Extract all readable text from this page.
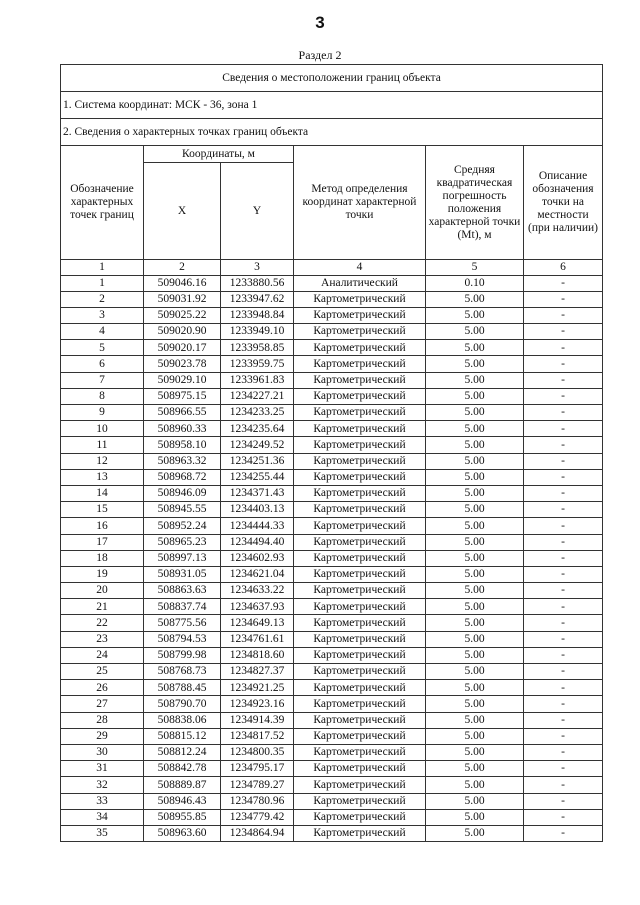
3
Раздел 2
Сведения о местоположении границ объекта					
1. Система координат: МСК - 36, зона 1					
2. Сведения о характерных точках границ объекта					
Обозначение характерных точек границ	Координаты, м		Метод определения координат характерной точки	Средняя квадратическая погрешность положения характерной точки (Mt), м	Описание обозначения точки на местности (при наличии)
	X	Y			
1	2	3	4	5	6
1	509046.16	1233880.56	Аналитический	0.10	-
2	509031.92	1233947.62	Картометрический	5.00	-
3	509025.22	1233948.84	Картометрический	5.00	-
4	509020.90	1233949.10	Картометрический	5.00	-
5	509020.17	1233958.85	Картометрический	5.00	-
6	509023.78	1233959.75	Картометрический	5.00	-
7	509029.10	1233961.83	Картометрический	5.00	-
8	508975.15	1234227.21	Картометрический	5.00	-
9	508966.55	1234233.25	Картометрический	5.00	-
10	508960.33	1234235.64	Картометрический	5.00	-
11	508958.10	1234249.52	Картометрический	5.00	-
12	508963.32	1234251.36	Картометрический	5.00	-
13	508968.72	1234255.44	Картометрический	5.00	-
14	508946.09	1234371.43	Картометрический	5.00	-
15	508945.55	1234403.13	Картометрический	5.00	-
16	508952.24	1234444.33	Картометрический	5.00	-
17	508965.23	1234494.40	Картометрический	5.00	-
18	508997.13	1234602.93	Картометрический	5.00	-
19	508931.05	1234621.04	Картометрический	5.00	-
20	508863.63	1234633.22	Картометрический	5.00	-
21	508837.74	1234637.93	Картометрический	5.00	-
22	508775.56	1234649.13	Картометрический	5.00	-
23	508794.53	1234761.61	Картометрический	5.00	-
24	508799.98	1234818.60	Картометрический	5.00	-
25	508768.73	1234827.37	Картометрический	5.00	-
26	508788.45	1234921.25	Картометрический	5.00	-
27	508790.70	1234923.16	Картометрический	5.00	-
28	508838.06	1234914.39	Картометрический	5.00	-
29	508815.12	1234817.52	Картометрический	5.00	-
30	508812.24	1234800.35	Картометрический	5.00	-
31	508842.78	1234795.17	Картометрический	5.00	-
32	508889.87	1234789.27	Картометрический	5.00	-
33	508946.43	1234780.96	Картометрический	5.00	-
34	508955.85	1234779.42	Картометрический	5.00	-
35	508963.60	1234864.94	Картометрический	5.00	-
